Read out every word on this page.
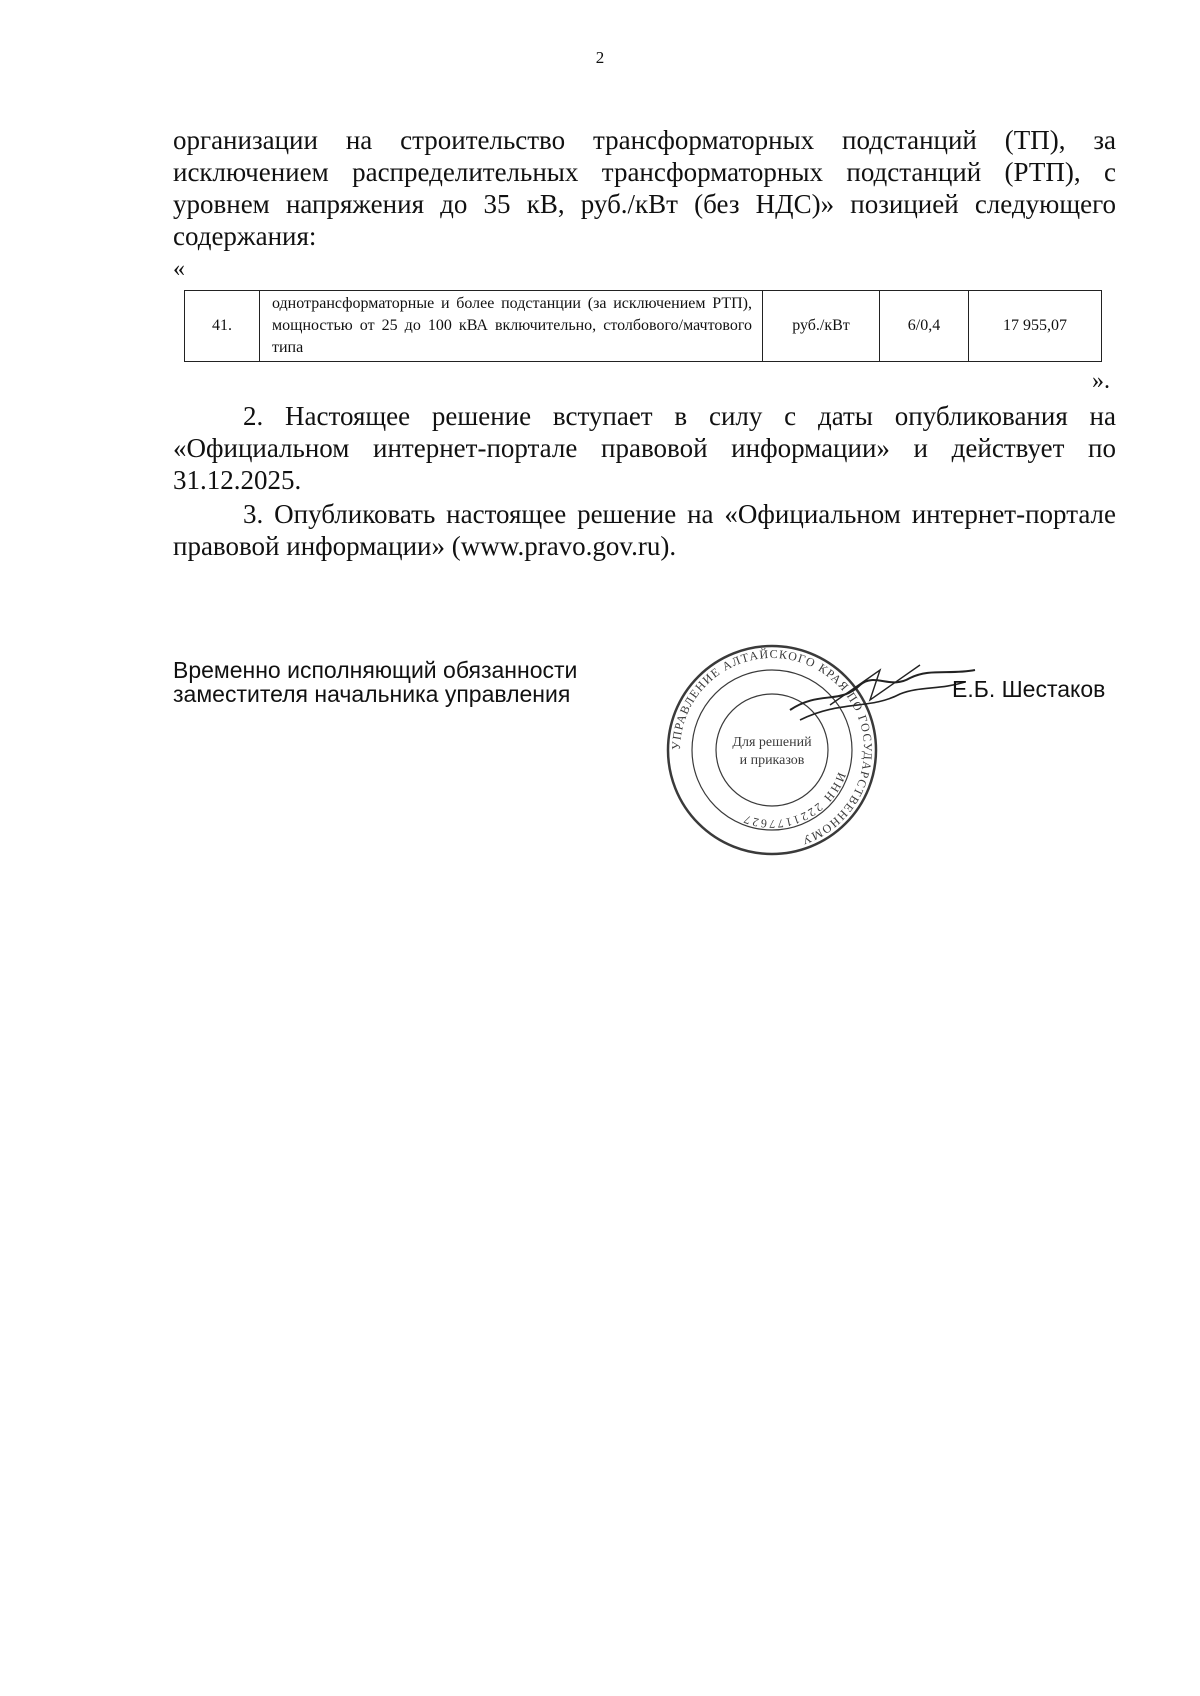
2
организации на строительство трансформаторных подстанций (ТП), за исключением распределительных трансформаторных подстанций (РТП), с уровнем напряжения до 35 кВ, руб./кВт (без НДС)» позицией следующего содержания:
«
41.	однотрансформаторные и более подстанции (за исключением РТП), мощностью от 25 до 100 кВА включительно, столбового/мачтового типа	руб./кВт	6/0,4	17 955,07
».
2. Настоящее решение вступает в силу с даты опубликования на «Официальном интернет-портале правовой информации» и действует по 31.12.2025.
3. Опубликовать настоящее решение на «Официальном интернет-портале правовой информации» (www.pravo.gov.ru).
Временно исполняющий обязанности
заместителя начальника управления
УПРАВЛЕНИЕ АЛТАЙСКОГО КРАЯ ПО ГОСУДАРСТВЕННОМУ
ИНН 2221177627
Для решений
и приказов
Е.Б. Шестаков
